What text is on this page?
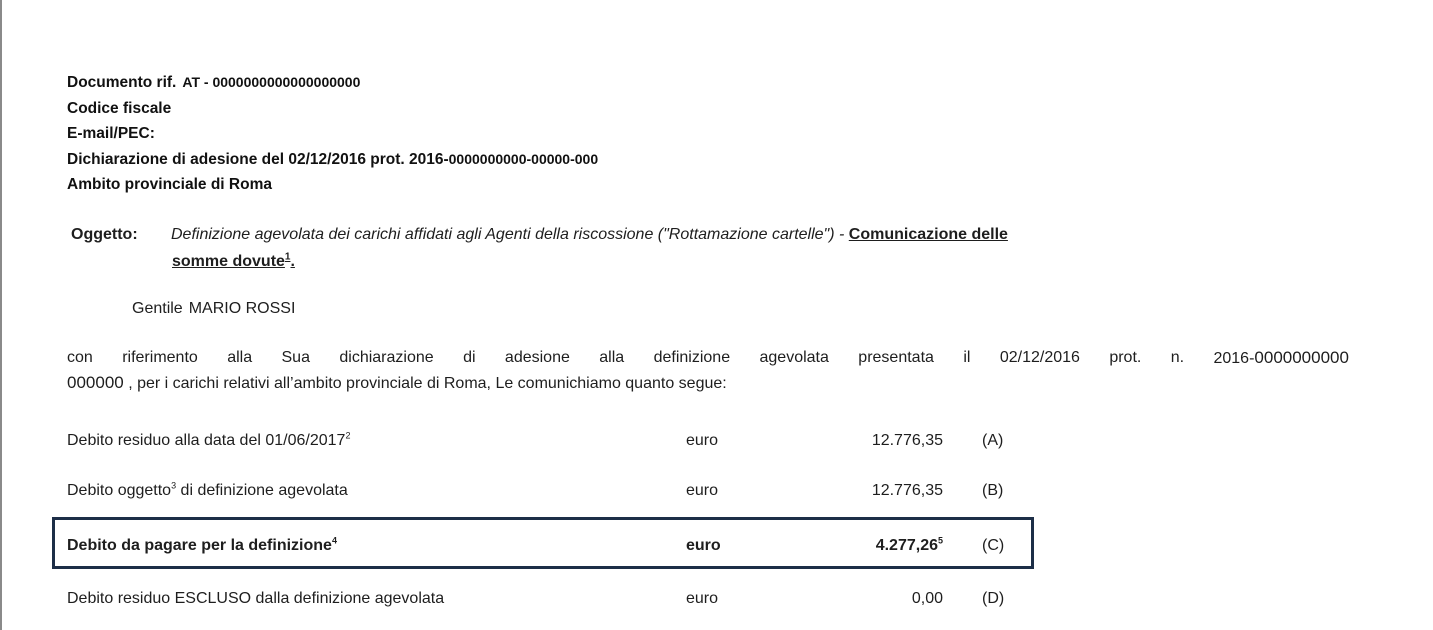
Documento rif. AT - 0000000000000000000
Codice fiscale
E-mail/PEC:
Dichiarazione di adesione del 02/12/2016 prot. 2016-0000000000-00000-000
Ambito provinciale di Roma
Oggetto: Definizione agevolata dei carichi affidati agli Agenti della riscossione ("Rottamazione cartelle") - Comunicazione delle
somme dovute$^1$.
Gentile MARIO ROSSI
con riferimento alla Sua dichiarazione di adesione alla definizione agevolata presentata il 02/12/2016 prot. n. 2016-0000000000
000000 , per i carichi relativi all’ambito provinciale di Roma, Le comunichiamo quanto segue:
Debito residuo alla data del 01/06/2017$^2$	euro	12.776,35 (A)
Debito oggetto$^3$ di definizione agevolata	euro	12.776,35 (B)
Debito da pagare per la definizione$^4$	euro	4.277,26$^5$ (C)
Debito residuo ESCLUSO dalla definizione agevolata	euro	0,00 (D)
